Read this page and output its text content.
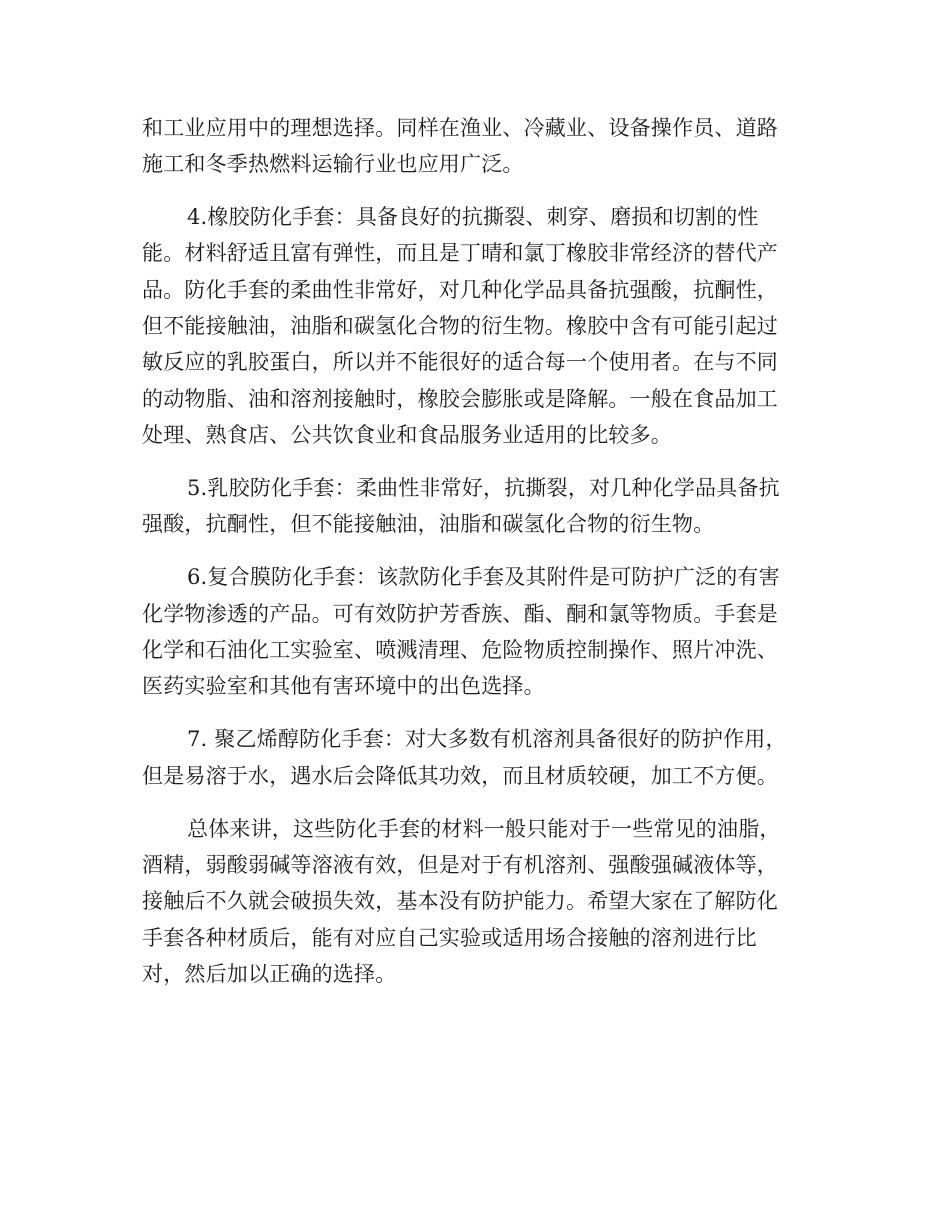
和工业应用中的理想选择。同样在渔业、冷藏业、设备操作员、道路
施工和冬季热燃料运输行业也应用广泛。
4.橡胶防化手套：具备良好的抗撕裂、刺穿、磨损和切割的性
能。材料舒适且富有弹性，而且是丁晴和氯丁橡胶非常经济的替代产
品。防化手套的柔曲性非常好，对几种化学品具备抗强酸，抗酮性，
但不能接触油，油脂和碳氢化合物的衍生物。橡胶中含有可能引起过
敏反应的乳胶蛋白，所以并不能很好的适合每一个使用者。在与不同
的动物脂、油和溶剂接触时，橡胶会膨胀或是降解。一般在食品加工
处理、熟食店、公共饮食业和食品服务业适用的比较多。
5.乳胶防化手套：柔曲性非常好，抗撕裂，对几种化学品具备抗
强酸，抗酮性，但不能接触油，油脂和碳氢化合物的衍生物。
6.复合膜防化手套：该款防化手套及其附件是可防护广泛的有害
化学物渗透的产品。可有效防护芳香族、酯、酮和氯等物质。手套是
化学和石油化工实验室、喷溅清理、危险物质控制操作、照片冲洗、
医药实验室和其他有害环境中的出色选择。
7. 聚乙烯醇防化手套：对大多数有机溶剂具备很好的防护作用，
但是易溶于水，遇水后会降低其功效，而且材质较硬，加工不方便。
总体来讲，这些防化手套的材料一般只能对于一些常见的油脂，
酒精，弱酸弱碱等溶液有效，但是对于有机溶剂、强酸强碱液体等，
接触后不久就会破损失效，基本没有防护能力。希望大家在了解防化
手套各种材质后，能有对应自己实验或适用场合接触的溶剂进行比
对，然后加以正确的选择。
